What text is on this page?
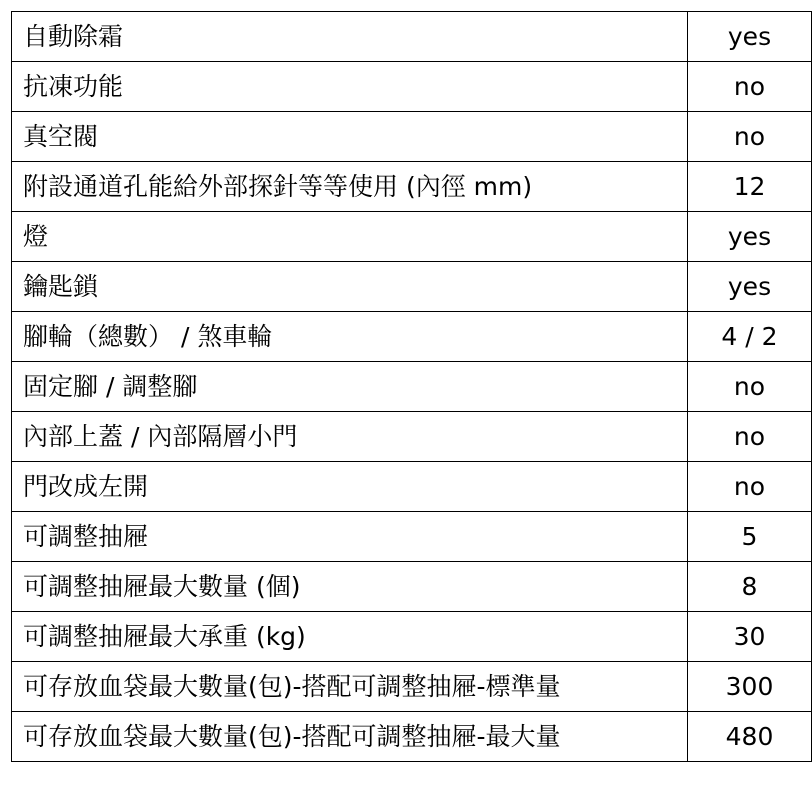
自動除霜	yes
抗凍功能	no
真空閥	no
附設通道孔能給外部探針等等使用 (內徑 mm)	12
燈	yes
鑰匙鎖	yes
腳輪（總數） / 煞車輪	4 / 2
固定腳 / 調整腳	no
內部上蓋 / 內部隔層小門	no
門改成左開	no
可調整抽屜	5
可調整抽屜最大數量 (個)	8
可調整抽屜最大承重 (kg)	30
可存放血袋最大數量(包)-搭配可調整抽屜-標準量	300
可存放血袋最大數量(包)-搭配可調整抽屜-最大量	480
